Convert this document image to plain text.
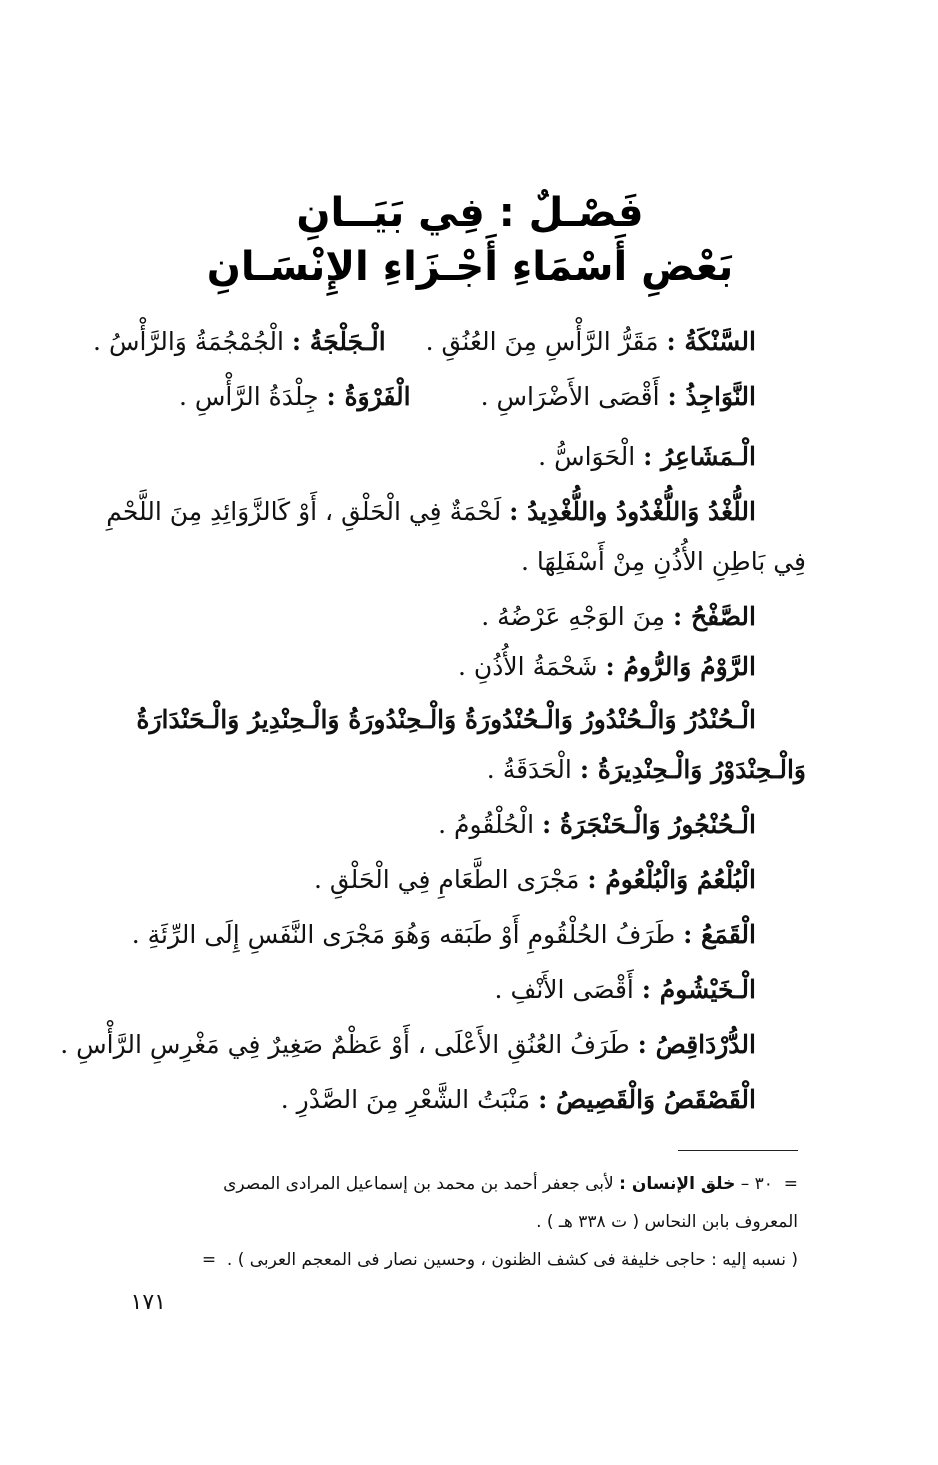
فَصْـلٌ : فِي بَيَــانِ
بَعْضِ أَسْمَاءِ أَجْـزَاءِ الإِنْسَـانِ
السَّنْكَةُ : مَقَرُّ الرَّأْسِ مِنَ العُنُقِ .الْـجَلْجَةُ : الْجُمْجُمَةُ وَالرَّأْسُ .
النَّوَاجِذُ : أَقْصَى الأَضْرَاسِ .الْفَرْوَةُ : جِلْدَةُ الرَّأْسِ .
الْـمَشَاعِرُ : الْحَوَاسُّ .
اللُّغْدُ وَاللُّغْدُودُ واللُّغْدِيدُ : لَحْمَةٌ فِي الْحَلْقِ ، أَوْ كَالزَّوَائِدِ مِنَ اللَّحْمِ
فِي بَاطِنِ الأُذُنِ مِنْ أَسْفَلِهَا .
الصَّفْحُ : مِنَ الوَجْهِ عَرْضُهُ .
الرَّوْمُ وَالرُّومُ : شَحْمَةُ الأُذُنِ .
الْـحُنْدُرُ وَالْـحُنْدُورُ وَالْـحُنْدُورَةُ وَالْـحِنْدُورَةُ وَالْـحِنْدِيرُ وَالْـحَنْدَارَةُ
وَالْـحِنْدَوْرُ وَالْـحِنْدِيرَةُ : الْحَدَقَةُ .
الْـحُنْجُورُ وَالْـحَنْجَرَةُ : الْحُلْقُومُ .
الْبُلْعُمُ وَالْبُلْعُومُ : مَجْرَى الطَّعَامِ فِي الْحَلْقِ .
الْقَمَعُ : طَرَفُ الحُلْقُومِ أَوْ طَبَقه وَهُوَ مَجْرَى النَّفَسِ إِلَى الرِّئَةِ .
الْـخَيْشُومُ : أَقْصَى الأَنْفِ .
الدُّرْدَاقِصُ : طَرَفُ العُنُقِ الأَعْلَى ، أَوْ عَظْمٌ صَغِيرٌ فِي مَغْرِسِ الرَّأْسِ .
الْقَصْقَصُ وَالْقَصِيصُ : مَنْبَتُ الشَّعْرِ مِنَ الصَّدْرِ .
=  ٣٠ – خلق الإنسان : لأبى جعفر أحمد بن محمد بن إسماعيل المرادى المصرى
المعروف بابن النحاس ( ت ٣٣٨ هـ ) .
( نسبه إليه : حاجى خليفة فى كشف الظنون ، وحسين نصار فى المعجم العربى ) .  =
١٧١
